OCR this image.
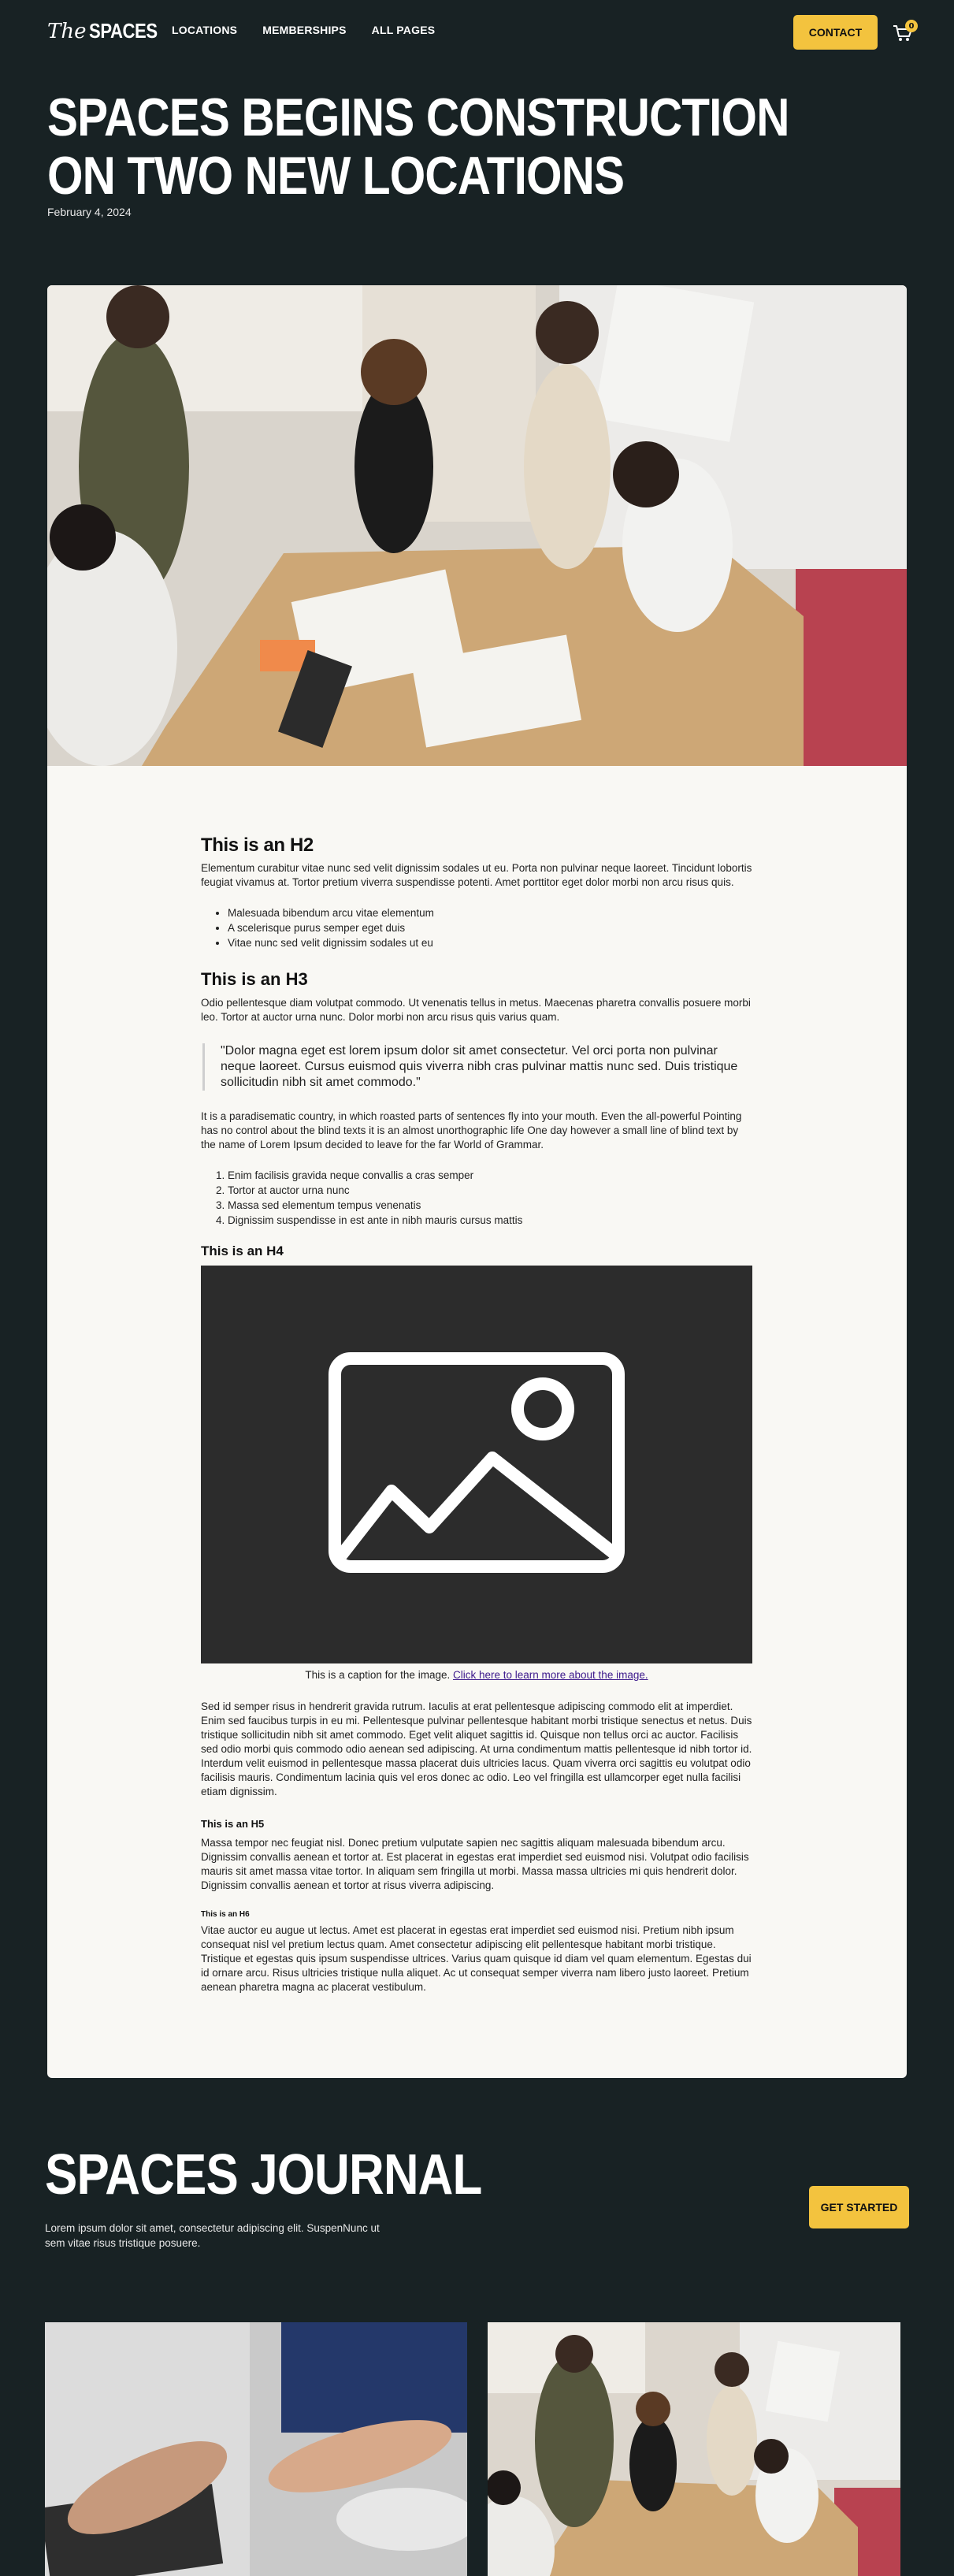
The SPACES LOCATIONS MEMBERSHIPS ALL PAGES	CONTACT	0
SPACES BEGINS CONSTRUCTION ON TWO NEW LOCATIONS
February 4, 2024
This is an H2

Elementum curabitur vitae nunc sed velit dignissim sodales ut eu. Porta non pulvinar neque laoreet. Tincidunt lobortis feugiat vivamus at. Tortor pretium viverra suspendisse potenti. Amet porttitor eget dolor morbi non arcu risus quis.

• Malesuada bibendum arcu vitae elementum
• A scelerisque purus semper eget duis
• Vitae nunc sed velit dignissim sodales ut eu
This is an H3

Odio pellentesque diam volutpat commodo. Ut venenatis tellus in metus. Maecenas pharetra convallis posuere morbi leo. Tortor at auctor urna nunc. Dolor morbi non arcu risus quis varius quam.

"Dolor magna eget est lorem ipsum dolor sit amet consectetur. Vel orci porta non pulvinar neque laoreet. Cursus euismod quis viverra nibh cras pulvinar mattis nunc sed. Duis tristique sollicitudin nibh sit amet commodo."

It is a paradisematic country, in which roasted parts of sentences fly into your mouth. Even the all-powerful Pointing has no control about the blind texts it is an almost unorthographic life One day however a small line of blind text by the name of Lorem Ipsum decided to leave for the far World of Grammar.

1. Enim facilisis gravida neque convallis a cras semper
2. Tortor at auctor urna nunc
3. Massa sed elementum tempus venenatis
4. Dignissim suspendisse in est ante in nibh mauris cursus mattis
This is an H4

This is a caption for the image. Click here to learn more about the image.

Sed id semper risus in hendrerit gravida rutrum. Iaculis at erat pellentesque adipiscing commodo elit at imperdiet. Enim sed faucibus turpis in eu mi. Pellentesque pulvinar pellentesque habitant morbi tristique senectus et netus. Duis tristique sollicitudin nibh sit amet commodo. Eget velit aliquet sagittis id. Quisque non tellus orci ac auctor. Facilisis sed odio morbi quis commodo odio aenean sed adipiscing. At urna condimentum mattis pellentesque id nibh tortor id. Interdum velit euismod in pellentesque massa placerat duis ultricies lacus. Quam viverra orci sagittis eu volutpat odio facilisis mauris. Condimentum lacinia quis vel eros donec ac odio. Leo vel fringilla est ullamcorper eget nulla facilisi etiam dignissim.

This is an H5

Massa tempor nec feugiat nisl. Donec pretium vulputate sapien nec sagittis aliquam malesuada bibendum arcu. Dignissim convallis aenean et tortor at. Est placerat in egestas erat imperdiet sed euismod nisi. Volutpat odio facilisis mauris sit amet massa vitae tortor. In aliquam sem fringilla ut morbi. Massa massa ultricies mi quis hendrerit dolor. Dignissim convallis aenean et tortor at risus viverra adipiscing.

This is an H6

Vitae auctor eu augue ut lectus. Amet est placerat in egestas erat imperdiet sed euismod nisi. Pretium nibh ipsum consequat nisl vel pretium lectus quam. Amet consectetur adipiscing elit pellentesque habitant morbi tristique. Tristique et egestas quis ipsum suspendisse ultrices. Varius quam quisque id diam vel quam elementum. Egestas dui id ornare arcu. Risus ultricies tristique nulla aliquet. Ac ut consequat semper viverra nam libero justo laoreet. Pretium aenean pharetra magna ac placerat vestibulum.

SPACES JOURNAL

Lorem ipsum dolor sit amet, consectetur adipiscing elit. SuspenNunc ut sem vitae risus tristique posuere.

GET STARTED
